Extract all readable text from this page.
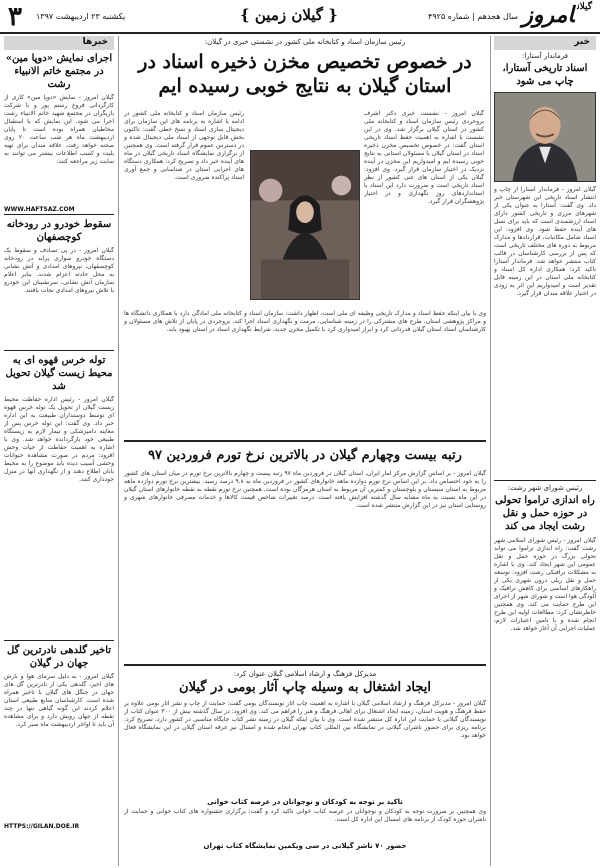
۳ یکشنبه ۲۳ اردیبهشت ۱۳۹۷	{ گیلان زمین }	سال هجدهم | شماره ۴۹۲۵
$^{گیلان}$امروز
خبرها
اجرای نمایش «دوپا مین» در مجتمع خاتم الانبیاء رشت
گیلان امروز - نمایش «دوپا مین» کاری از کارگردانی فروغ رستم پور و با شرکت بازیگران در مجتمع شهید خاتم الانبیاء رشت اجرا می شود. این نمایش که با استقبال مخاطبان همراه بوده است تا پایان اردیبهشت ماه هر شب ساعت ۲۰ روی صحنه خواهد رفت. علاقه مندان برای تهیه بلیت و کسب اطلاعات بیشتر می توانند به سایت زیر مراجعه کنند:
WWW.HAFTSAZ.COM
سقوط خودرو در رودخانه کوچصفهان
گیلان امروز - در پی تصادف و سقوط یک دستگاه خودرو سواری پراید در رودخانه کوچصفهان، نیروهای امدادی و آتش نشانی به محل حادثه اعزام شدند. بنابر اعلام سازمان آتش نشانی، سرنشینان این خودرو با تلاش نیروهای امدادی نجات یافتند.
توله خرس قهوه ای به محیط زیست گیلان تحویل شد
گیلان امروز - رئیس اداره حفاظت محیط زیست گیلان از تحویل یک توله خرس قهوه ای توسط دوستداران طبیعت به این اداره خبر داد. وی گفت: این توله خرس پس از معاینه دامپزشکی و تیمار لازم به زیستگاه طبیعی خود بازگردانده خواهد شد. وی با اشاره به اهمیت حفاظت از حیات وحش افزود: مردم در صورت مشاهده حیوانات وحشی آسیب دیده باید موضوع را به محیط بانان اطلاع دهند و از نگهداری آنها در منزل خودداری کنند.
تاخیر گلدهی نادرترین گل جهان در گیلان
گیلان امروز - به دلیل سرمای هوا و بارش های اخیر، گلدهی یکی از نادرترین گل های جهان در جنگل های گیلان با تاخیر همراه شده است. کارشناسان منابع طبیعی استان اعلام کردند این گونه گیاهی تنها در چند نقطه از جهان رویش دارد و برای مشاهده آن باید تا اواخر اردیبهشت ماه صبر کرد.
HTTPS://GILAN.DOE.IR
رئیس سازمان اسناد و کتابخانه ملی کشور در نشستی خبری در گیلان:
در خصوص تخصیص مخزن ذخیره اسناد در استان گیلان به نتایج خوبی رسیده ایم
گیلان امروز - نشست خبری دکتر اشرف بروجردی رئیس سازمان اسناد و کتابخانه ملی کشور در استان گیلان برگزار شد. وی در این نشست با اشاره به اهمیت حفظ اسناد تاریخی استان گفت: در خصوص تخصیص مخزن ذخیره اسناد در استان گیلان با مسئولان استانی به نتایج خوبی رسیده ایم و امیدواریم این مخزن در آینده نزدیک در اختیار سازمان قرار گیرد. وی افزود: گیلان یکی از استان های غنی کشور از نظر اسناد تاریخی است و ضرورت دارد این اسناد با استانداردهای روز نگهداری و در اختیار پژوهشگران قرار گیرد.
رئیس سازمان اسناد و کتابخانه ملی کشور در ادامه با اشاره به برنامه های این سازمان برای دیجیتال سازی اسناد و نسخ خطی گفت: تاکنون بخش قابل توجهی از اسناد ملی دیجیتال شده و در دسترس عموم قرار گرفته است. وی همچنین از برگزاری نمایشگاه اسناد تاریخی گیلان در ماه های آینده خبر داد و تصریح کرد: همکاری دستگاه های اجرایی استان در شناسایی و جمع آوری اسناد پراکنده ضروری است.
وی با بیان اینکه حفظ اسناد و مدارک تاریخی وظیفه ای ملی است، اظهار داشت: سازمان اسناد و کتابخانه ملی آمادگی دارد با همکاری دانشگاه ها و مراکز پژوهشی استان، طرح های مشترکی را در زمینه شناسایی، مرمت و نگهداری اسناد اجرا کند. بروجردی در پایان از تلاش های مسئولان و کارشناسان اسناد استان گیلان قدردانی کرد و ابراز امیدواری کرد با تکمیل مخزن جدید، شرایط نگهداری اسناد در استان بهبود یابد.
رتبه بیست وچهارم گیلان در بالاترین نرخ تورم فروردین ۹۷
گیلان امروز - بر اساس گزارش مرکز آمار ایران، استان گیلان در فروردین ماه ۹۷ رتبه بیست و چهارم بالاترین نرخ تورم در میان استان های کشور را به خود اختصاص داد. بر این اساس نرخ تورم دوازده ماهه خانوارهای کشور در فروردین ماه به ۹.۸ درصد رسید. بیشترین نرخ تورم دوازده ماهه مربوط به استان سیستان و بلوچستان و کمترین آن مربوط به استان هرمزگان بوده است. همچنین نرخ تورم نقطه به نقطه خانوارهای استان گیلان در این ماه نسبت به ماه مشابه سال گذشته افزایش یافته است. درصد تغییرات شاخص قیمت کالاها و خدمات مصرفی خانوارهای شهری و روستایی استان نیز در این گزارش منتشر شده است.
مدیرکل فرهنگ و ارشاد اسلامی گیلان عنوان کرد:
ایجاد اشتغال به وسیله چاپ آثار بومی در گیلان
گیلان امروز - مدیرکل فرهنگ و ارشاد اسلامی گیلان با اشاره به اهمیت چاپ آثار نویسندگان بومی گفت: حمایت از چاپ و نشر آثار بومی علاوه بر حفظ فرهنگ و هویت استان، زمینه ایجاد اشتغال برای اهالی فرهنگ و هنر را فراهم می کند. وی افزود: در سال گذشته بیش از ۳۰۰ عنوان کتاب از نویسندگان گیلانی با حمایت این اداره کل منتشر شده است. وی با بیان اینکه گیلان در زمینه نشر کتاب جایگاه مناسبی در کشور دارد، تصریح کرد: برنامه ریزی برای حضور ناشران گیلانی در نمایشگاه بین المللی کتاب تهران انجام شده و امسال نیز غرفه استان گیلان در این نمایشگاه فعال خواهد بود.
تاکید بر توجه به کودکان و نوجوانان در عرصه کتاب خوانی
وی همچنین بر ضرورت توجه به کودکان و نوجوانان در عرصه کتاب خوانی تاکید کرد و گفت: برگزاری جشنواره های کتاب خوانی و حمایت از ناشران حوزه کودک از برنامه های امسال این اداره کل است.
حضور ۷۰ ناشر گیلانی در سی ویکمین نمایشگاه کتاب تهران
خبر
فرماندار آستارا:
اسناد تاریخی آستارا، چاپ می شود
گیلان امروز - فرماندار آستارا از چاپ و انتشار اسناد تاریخی این شهرستان خبر داد. وی گفت: آستارا به عنوان یکی از شهرهای مرزی و تاریخی کشور دارای اسناد ارزشمندی است که باید برای نسل های آینده حفظ شود. وی افزود: این اسناد شامل مکاتبات، قراردادها و مدارک مربوط به دوره های مختلف تاریخی است که پس از بررسی کارشناسان در قالب کتاب منتشر خواهد شد. فرماندار آستارا تاکید کرد: همکاری اداره کل اسناد و کتابخانه ملی استان در این زمینه قابل تقدیر است و امیدواریم این اثر به زودی در اختیار علاقه مندان قرار گیرد.
رئیس شورای شهر رشت:
راه اندازی تراموا تحولی در حوزه حمل و نقل رشت ایجاد می کند
گیلان امروز - رئیس شورای اسلامی شهر رشت گفت: راه اندازی تراموا می تواند تحولی بزرگ در حوزه حمل و نقل عمومی این شهر ایجاد کند. وی با اشاره به مشکلات ترافیکی رشت افزود: توسعه حمل و نقل ریلی درون شهری یکی از راهکارهای اساسی برای کاهش ترافیک و آلودگی هوا است و شورای شهر از اجرای این طرح حمایت می کند. وی همچنین خاطرنشان کرد: مطالعات اولیه این طرح انجام شده و با تامین اعتبارات لازم، عملیات اجرایی آن آغاز خواهد شد.
